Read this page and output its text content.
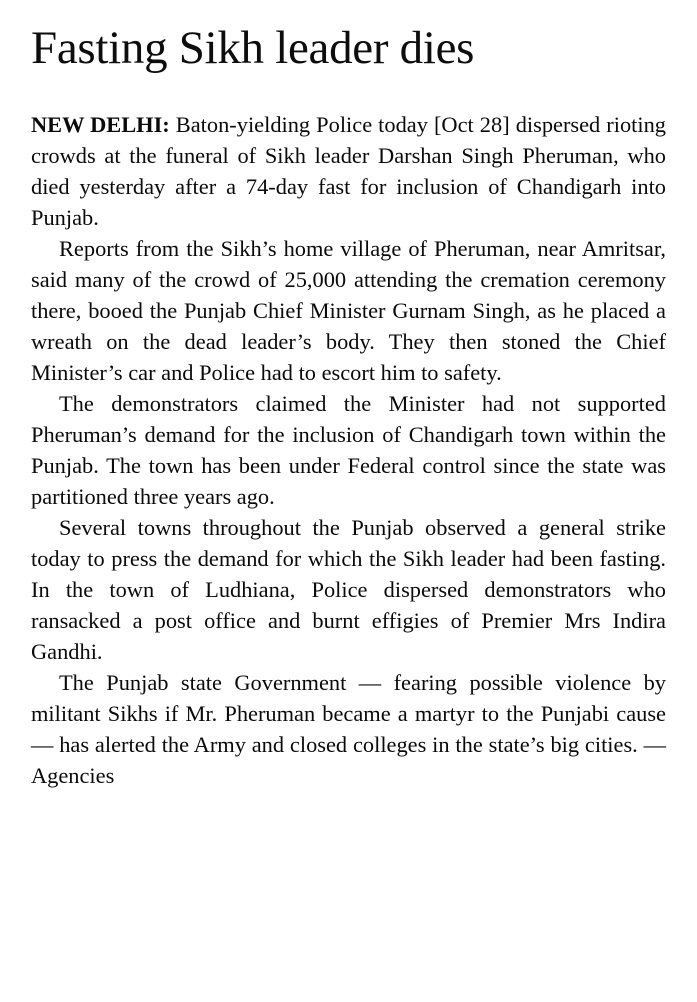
Fasting Sikh leader dies

NEW DELHI: Baton-yielding Police today [Oct 28] dispersed rioting crowds at the funeral of Sikh leader Darshan Singh Pheruman, who died yesterday after a 74-day fast for inclusion of Chandigarh into Punjab.

Reports from the Sikh’s home village of Pheruman, near Amritsar, said many of the crowd of 25,000 attending the cremation ceremony there, booed the Punjab Chief Minister Gurnam Singh, as he placed a wreath on the dead leader’s body. They then stoned the Chief Minister’s car and Police had to escort him to safety.

The demonstrators claimed the Minister had not supported Pheruman’s demand for the inclusion of Chandigarh town within the Punjab. The town has been under Federal control since the state was partitioned three years ago.

Several towns throughout the Punjab observed a general strike today to press the demand for which the Sikh leader had been fasting. In the town of Ludhiana, Police dispersed demonstrators who ransacked a post office and burnt effigies of Premier Mrs Indira Gandhi.

The Punjab state Government — fearing possible violence by militant Sikhs if Mr. Pheruman became a martyr to the Punjabi cause — has alerted the Army and closed colleges in the state’s big cities. — Agencies
